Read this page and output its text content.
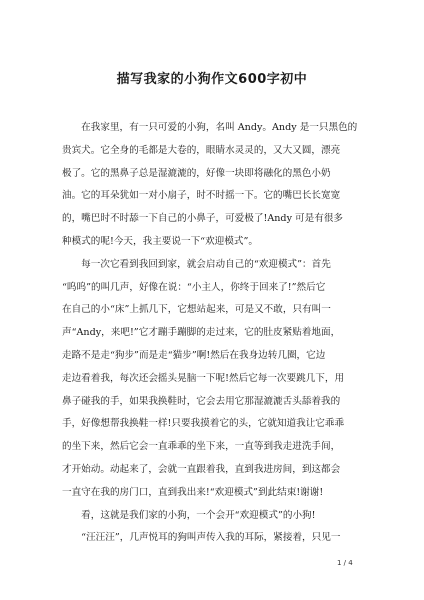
描写我家的小狗作文600字初中
　　在我家里，有一只可爱的小狗，名叫 Andy。Andy 是一只黑色的
贵宾犬。它全身的毛都是大卷的，眼睛水灵灵的，又大又圆，漂亮
极了。它的黑鼻子总是湿漉漉的，好像一块即将融化的黑色小奶
油。它的耳朵犹如一对小扇子，时不时摇一下。它的嘴巴长长宽宽
的，嘴巴时不时舔一下自己的小鼻子，可爱极了!Andy 可是有很多
种模式的呢!今天，我主要说一下“欢迎模式”。
　　每一次它看到我回到家，就会启动自己的“欢迎模式”：首先
“呜呜”的叫几声，好像在说：“小主人，你终于回来了!”然后它
在自己的小“床”上抓几下，它想站起来，可是又不敢，只有叫一
声“Andy，来吧!”它才蹦手蹦脚的走过来，它的肚皮紧贴着地面，
走路不是走“狗步”而是走“猫步”啊!然后在我身边转几圈，它边
走边看着我，每次还会摇头晃脑一下呢!然后它每一次要跳几下，用
鼻子碰我的手，如果我换鞋时，它会去用它那湿漉漉舌头舔着我的
手，好像想帮我换鞋一样!只要我摸着它的头，它就知道我让它乖乖
的坐下来，然后它会一直乖乖的坐下来，一直等到我走进洗手间，
才开始动。动起来了，会就一直跟着我，直到我进房间，到这都会
一直守在我的房门口，直到我出来!“欢迎模式”到此结束!谢谢!
　　看，这就是我们家的小狗，一个会开“欢迎模式”的小狗!
　　“汪汪汪”，几声悦耳的狗叫声传入我的耳际，紧接着，只见一
1 / 4
